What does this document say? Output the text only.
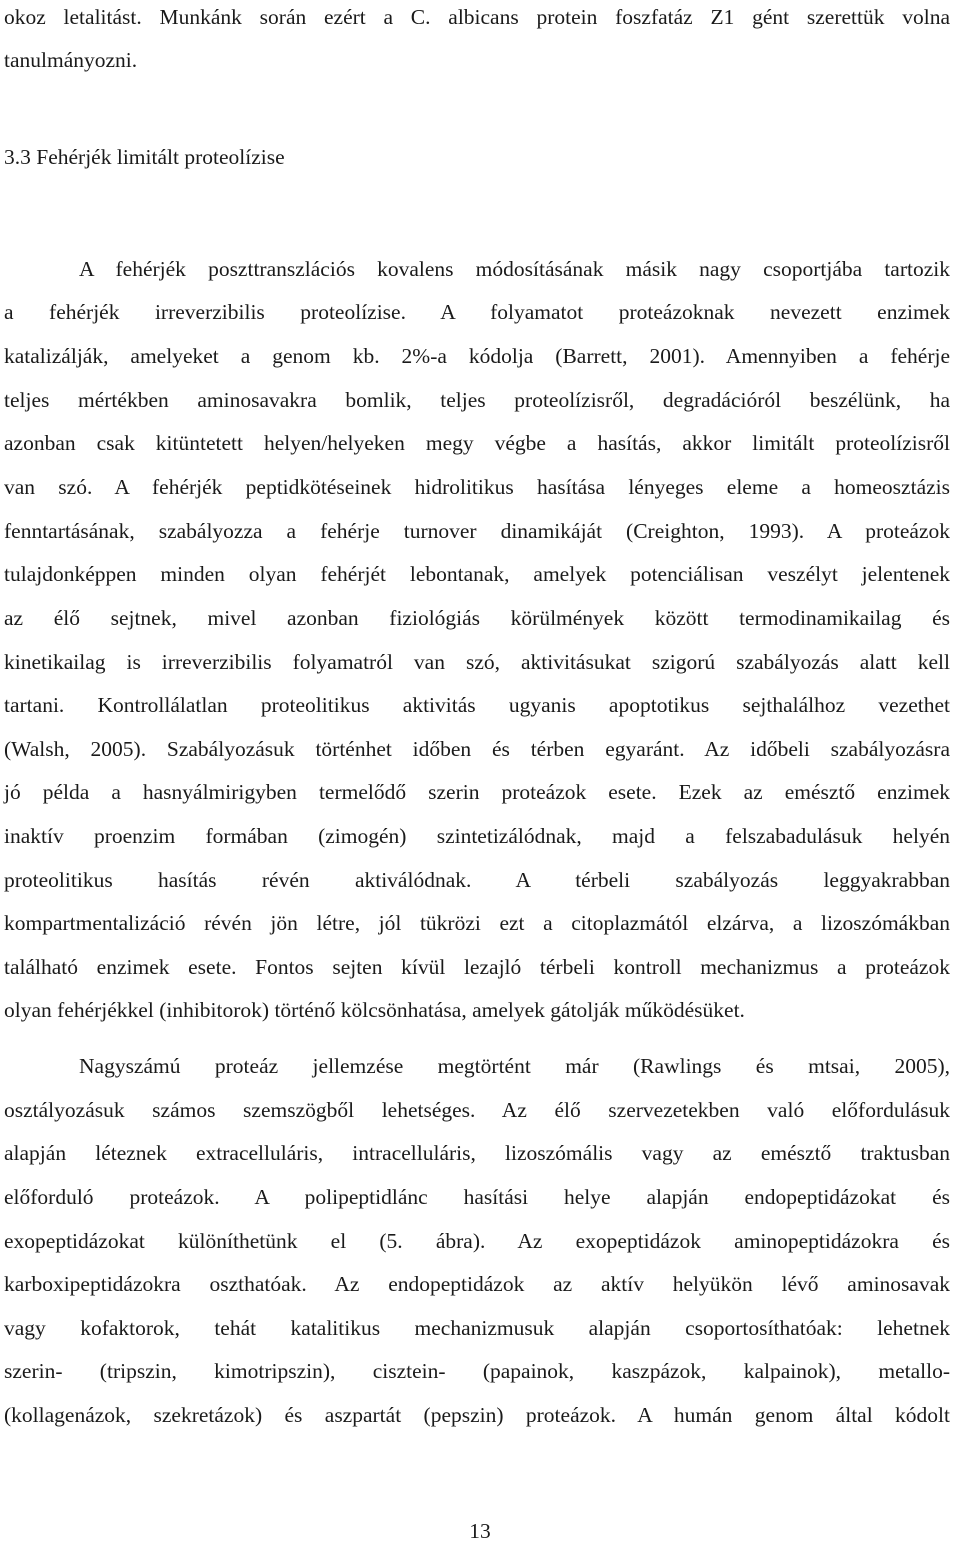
okoz letalitást. Munkánk során ezért a C. albicans protein foszfatáz Z1 gént szerettük volna
tanulmányozni.
3.3 Fehérjék limitált proteolízise
A fehérjék poszttranszlációs kovalens módosításának másik nagy csoportjába tartozik
a fehérjék irreverzibilis proteolízise. A folyamatot proteázoknak nevezett enzimek
katalizálják, amelyeket a genom kb. 2%-a kódolja (Barrett, 2001). Amennyiben a fehérje
teljes mértékben aminosavakra bomlik, teljes proteolízisről, degradációról beszélünk, ha
azonban csak kitüntetett helyen/helyeken megy végbe a hasítás, akkor limitált proteolízisről
van szó. A fehérjék peptidkötéseinek hidrolitikus hasítása lényeges eleme a homeosztázis
fenntartásának, szabályozza a fehérje turnover dinamikáját (Creighton, 1993). A proteázok
tulajdonképpen minden olyan fehérjét lebontanak, amelyek potenciálisan veszélyt jelentenek
az élő sejtnek, mivel azonban fiziológiás körülmények között termodinamikailag és
kinetikailag is irreverzibilis folyamatról van szó, aktivitásukat szigorú szabályozás alatt kell
tartani. Kontrollálatlan proteolitikus aktivitás ugyanis apoptotikus sejthalálhoz vezethet
(Walsh, 2005). Szabályozásuk történhet időben és térben egyaránt. Az időbeli szabályozásra
jó példa a hasnyálmirigyben termelődő szerin proteázok esete. Ezek az emésztő enzimek
inaktív proenzim formában (zimogén) szintetizálódnak, majd a felszabadulásuk helyén
proteolitikus hasítás révén aktiválódnak. A térbeli szabályozás leggyakrabban
kompartmentalizáció révén jön létre, jól tükrözi ezt a citoplazmától elzárva, a lizoszómákban
található enzimek esete. Fontos sejten kívül lezajló térbeli kontroll mechanizmus a proteázok
olyan fehérjékkel (inhibitorok) történő kölcsönhatása, amelyek gátolják működésüket.
Nagyszámú proteáz jellemzése megtörtént már (Rawlings és mtsai, 2005),
osztályozásuk számos szemszögből lehetséges. Az élő szervezetekben való előfordulásuk
alapján léteznek extracelluláris, intracelluláris, lizoszómális vagy az emésztő traktusban
előforduló proteázok. A polipeptidlánc hasítási helye alapján endopeptidázokat és
exopeptidázokat különíthetünk el (5. ábra). Az exopeptidázok aminopeptidázokra és
karboxipeptidázokra oszthatóak. Az endopeptidázok az aktív helyükön lévő aminosavak
vagy kofaktorok, tehát katalitikus mechanizmusuk alapján csoportosíthatóak: lehetnek
szerin- (tripszin, kimotripszin), cisztein- (papainok, kaszpázok, kalpainok), metallo-
(kollagenázok, szekretázok) és aszpartát (pepszin) proteázok. A humán genom által kódolt
13
